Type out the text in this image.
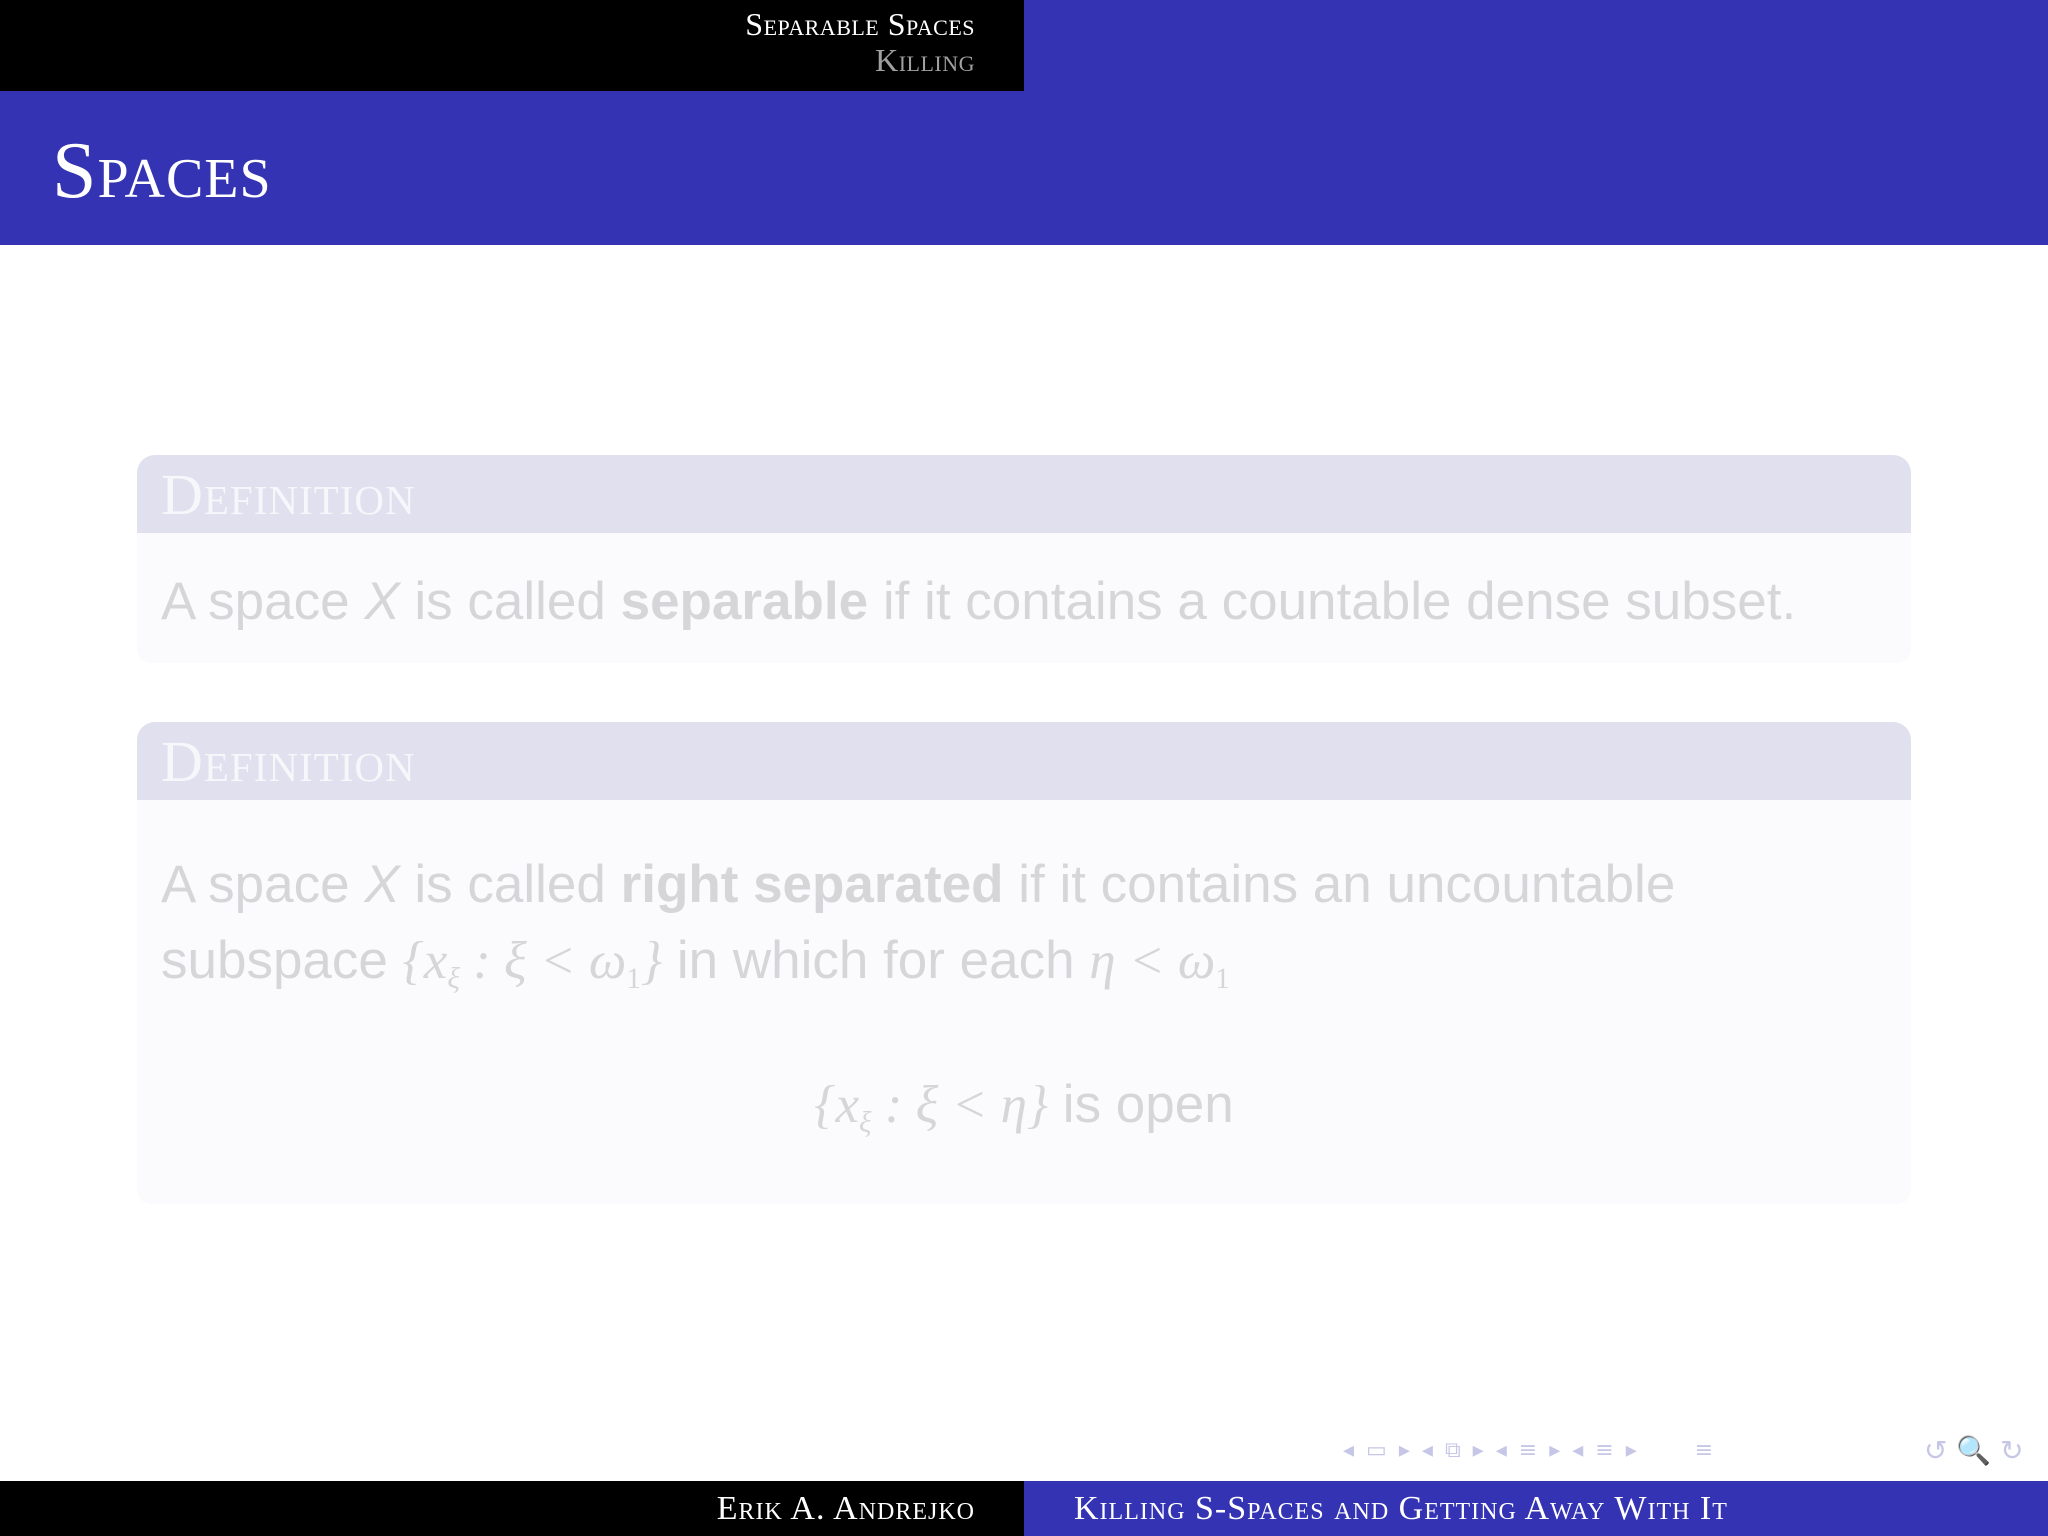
Separable Spaces
Killing
Spaces
Definition
A space X is called separable if it contains a countable dense subset.
Definition
A space X is called right separated if it contains an uncountable
subspace {$x_\xi$ : $\xi < \omega_1$} in which for each $\eta < \omega_1$
{$x_\xi$ : ξ < η} is open
◂ ▭ ▸ ◂ ⧉ ▸ ◂ ≡ ▸ ◂ ≡ ▸	≡	↺ 🔍 ↻
Erik A. Andrejko	Killing S-Spaces and Getting Away With It
